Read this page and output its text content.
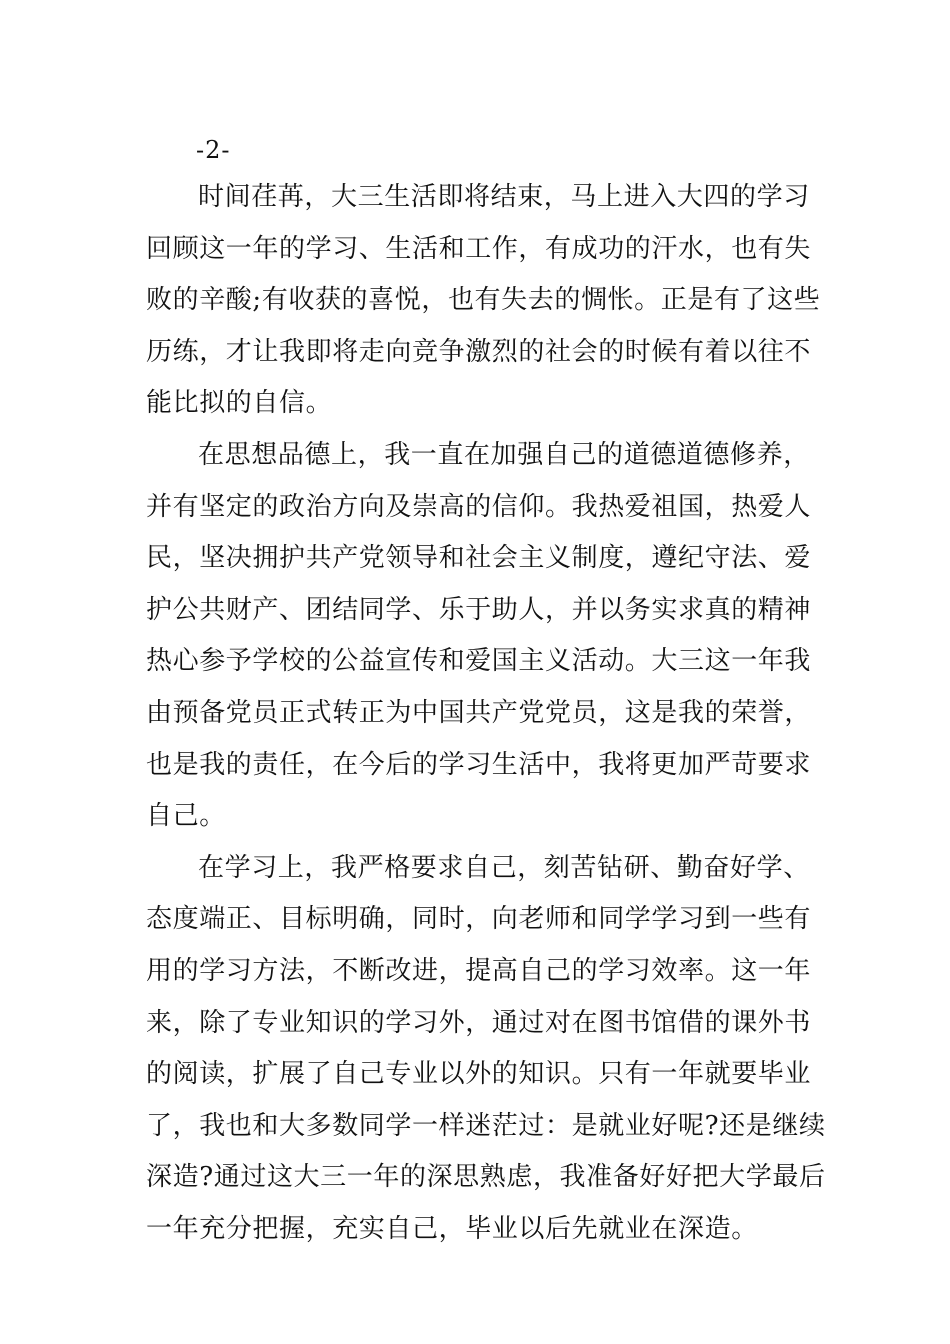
-2-
时间荏苒，大三生活即将结束，马上进入大四的学习
回顾这一年的学习、生活和工作，有成功的汗水，也有失
败的辛酸;有收获的喜悦，也有失去的惆怅。正是有了这些
历练，才让我即将走向竞争激烈的社会的时候有着以往不
能比拟的自信。
在思想品德上，我一直在加强自己的道德道德修养，
并有坚定的政治方向及崇高的信仰。我热爱祖国，热爱人
民，坚决拥护共产党领导和社会主义制度，遵纪守法、爱
护公共财产、团结同学、乐于助人，并以务实求真的精神
热心参予学校的公益宣传和爱国主义活动。大三这一年我
由预备党员正式转正为中国共产党党员，这是我的荣誉，
也是我的责任，在今后的学习生活中，我将更加严苛要求
自己。
在学习上，我严格要求自己，刻苦钻研、勤奋好学、
态度端正、目标明确，同时，向老师和同学学习到一些有
用的学习方法，不断改进，提高自己的学习效率。这一年
来，除了专业知识的学习外，通过对在图书馆借的课外书
的阅读，扩展了自己专业以外的知识。只有一年就要毕业
了，我也和大多数同学一样迷茫过：是就业好呢?还是继续
深造?通过这大三一年的深思熟虑，我准备好好把大学最后
一年充分把握，充实自己，毕业以后先就业在深造。
